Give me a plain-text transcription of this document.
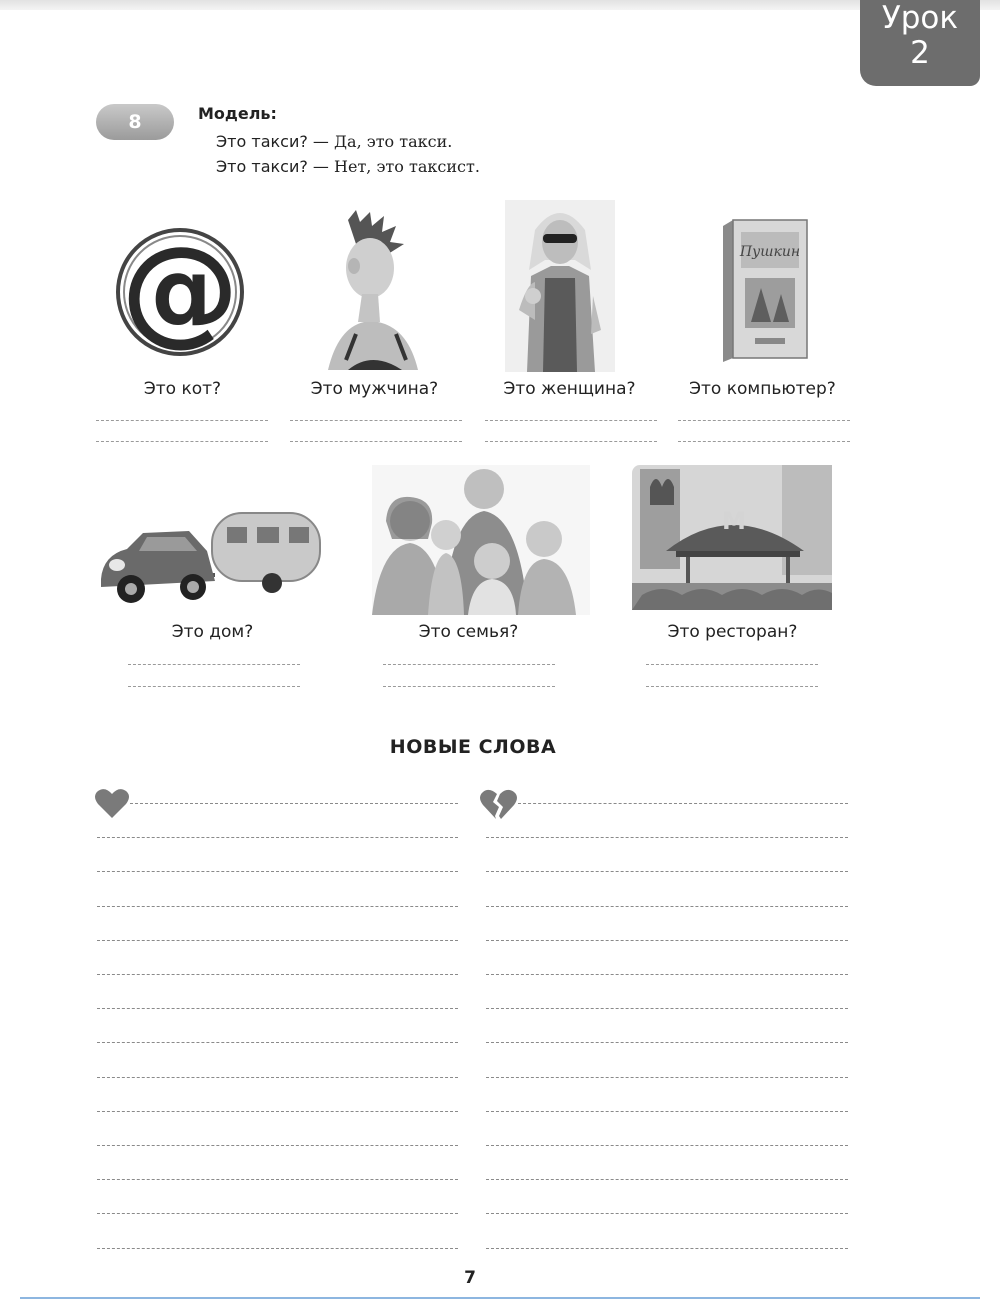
Урок
2
8	Модель:
Это такси? — Да, это такси.
Это такси? — Нет, это таксист.
@	Пушкин
Это кот?	Это мужчина?	Это женщина?	Это компьютер?
M
Это дом?	Это семья?	Это ресторан?
НОВЫЕ СЛОВА
7
